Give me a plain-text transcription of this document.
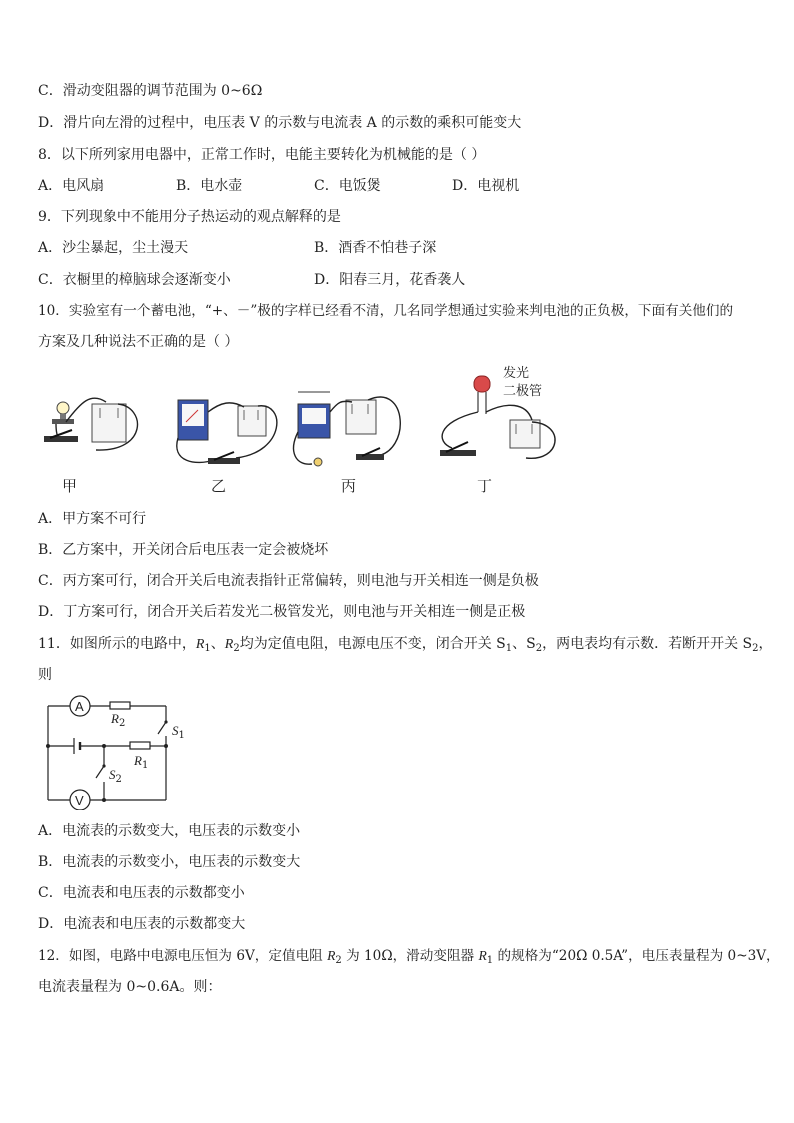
C．滑动变阻器的调节范围为 0~6Ω
D．滑片向左滑的过程中，电压表 V 的示数与电流表 A 的示数的乘积可能变大
8．以下所列家用电器中，正常工作时，电能主要转化为机械能的是（ ）
A．电风扇	B．电水壶	C．电饭煲	D．电视机
9．下列现象中不能用分子热运动的观点解释的是
A．沙尘暴起，尘土漫天	B．酒香不怕巷子深
C．衣橱里的樟脑球会逐渐变小	D．阳春三月，花香袭人
10．实验室有一个蓄电池，“+、－”极的字样已经看不清，几名同学想通过实验来判电池的正负极，下面有关他们的
方案及几种说法不正确的是（ ）
发光
二极管
甲	乙	丙	丁
A．甲方案不可行
B．乙方案中，开关闭合后电压表一定会被烧坏
C．丙方案可行，闭合开关后电流表指针正常偏转，则电池与开关相连一侧是负极
D．丁方案可行，闭合开关后若发光二极管发光，则电池与开关相连一侧是正极
11．如图所示的电路中，$R_1$、$R_2$均为定值电阻，电源电压不变，闭合开关 $S_1$、$S_2$，两电表均有示数．若断开开关 $S_2$，
则
A
V
$R_2$
$R_1$
$S_1$
$S_2$
A．电流表的示数变大，电压表的示数变小
B．电流表的示数变小，电压表的示数变大
C．电流表和电压表的示数都变小
D．电流表和电压表的示数都变大
12．如图，电路中电源电压恒为 6V，定值电阻 $R_2$ 为 10Ω，滑动变阻器 $R_1$ 的规格为“20Ω 0.5A”，电压表量程为 0~3V，
电流表量程为 0~0.6A。则：
